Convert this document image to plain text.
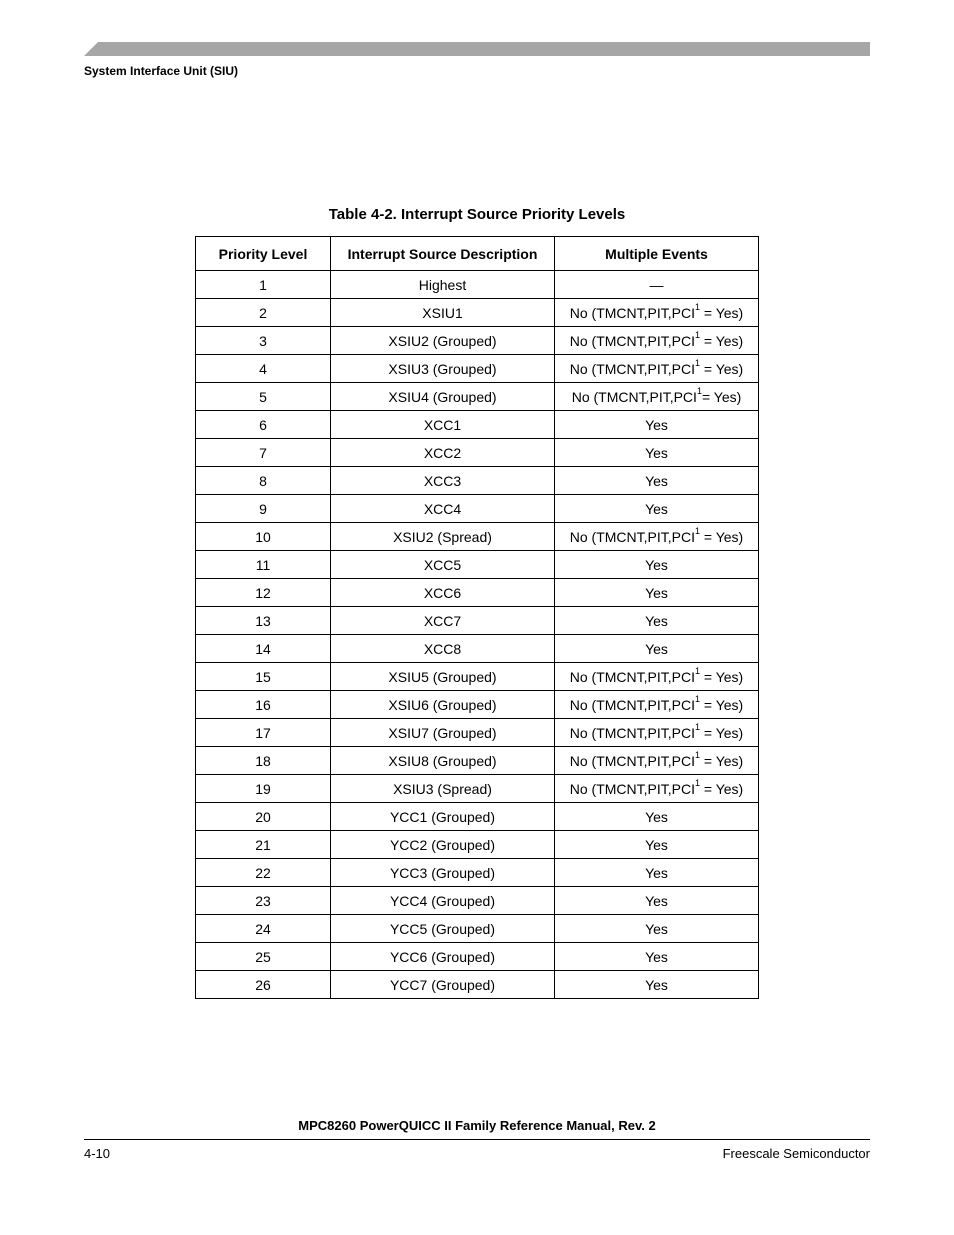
System Interface Unit (SIU)
Table 4-2. Interrupt Source Priority Levels
Priority Level	Interrupt Source Description	Multiple Events
1	Highest	—
2	XSIU1	No $(TMCNT,PIT,PCI^1 = Yes)$
3	XSIU2 (Grouped)	No $(TMCNT,PIT,PCI^1 = Yes)$
4	XSIU3 (Grouped)	No $(TMCNT,PIT,PCI^1 = Yes)$
5	XSIU4 (Grouped)	No $(TMCNT,PIT,PCI^1= Yes)$
6	XCC1	Yes
7	XCC2	Yes
8	XCC3	Yes
9	XCC4	Yes
10	XSIU2 (Spread)	No $(TMCNT,PIT,PCI^1 = Yes)$
11	XCC5	Yes
12	XCC6	Yes
13	XCC7	Yes
14	XCC8	Yes
15	XSIU5 (Grouped)	No $(TMCNT,PIT,PCI^1 = Yes)$
16	XSIU6 (Grouped)	No $(TMCNT,PIT,PCI^1 = Yes)$
17	XSIU7 (Grouped)	No $(TMCNT,PIT,PCI^1 = Yes)$
18	XSIU8 (Grouped)	No $(TMCNT,PIT,PCI^1 = Yes)$
19	XSIU3 (Spread)	No $(TMCNT,PIT,PCI^1 = Yes)$
20	YCC1 (Grouped)	Yes
21	YCC2 (Grouped)	Yes
22	YCC3 (Grouped)	Yes
23	YCC4 (Grouped)	Yes
24	YCC5 (Grouped)	Yes
25	YCC6 (Grouped)	Yes
26	YCC7 (Grouped)	Yes
MPC8260 PowerQUICC II Family Reference Manual, Rev. 2
4-10	Freescale Semiconductor
